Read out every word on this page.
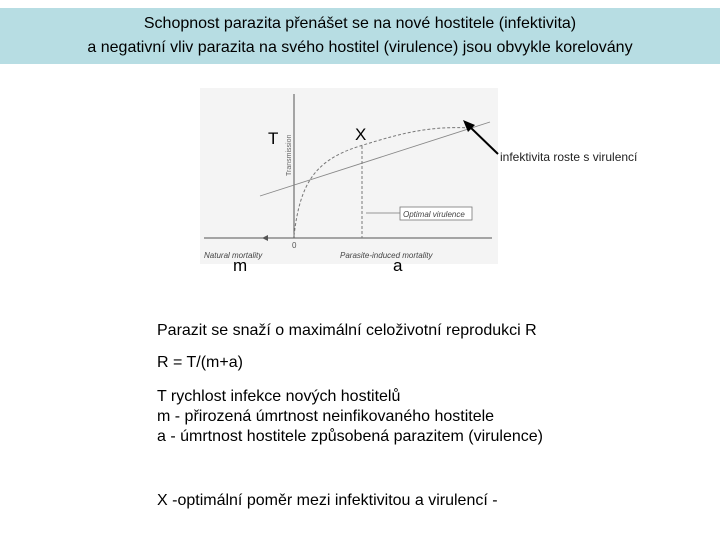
Schopnost parazita přenášet se na nové hostitele (infektivita)
a negativní vliv parazita na svého hostitel (virulence) jsou obvykle korelovány
Transmission
Optimal virulence
0
Natural mortality	Parasite-induced mortality
T	X
m	a
infektivita roste s virulencí
Parazit se snaží o maximální celoživotní reprodukci R
R = T/(m+a)
T rychlost infekce nových hostitelů
m - přirozená úmrtnost neinfikovaného hostitele
a - úmrtnost hostitele způsobená parazitem (virulence)
X -optimální poměr mezi infektivitou a virulencí -
